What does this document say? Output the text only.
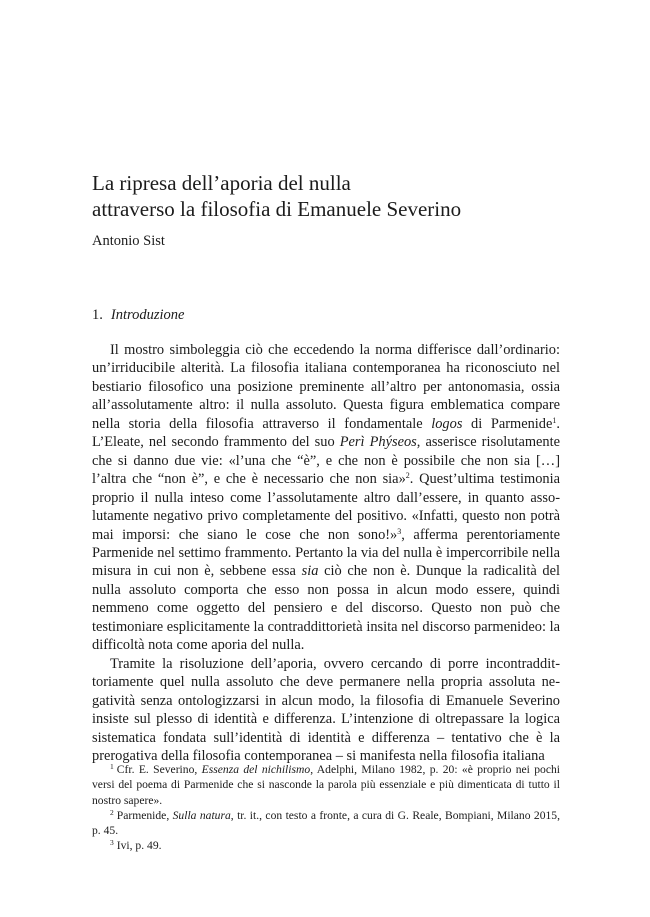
La ripresa dell’aporia del nulla
attraverso la filosofia di Emanuele Severino
Antonio Sist
1. Introduzione

Il mostro simboleggia ciò che eccedendo la norma differisce dall’ordinario: un’irriducibile alterità. La filosofia italiana contemporanea ha riconosciuto nel bestiario filosofico una posizione preminente all’altro per antonomasia, ossia all’assolutamente altro: il nulla assoluto. Questa figura emblematica compare nella storia della filosofia attraverso il fondamentale logos di Parmenide$^1$. L’Eleate, nel secondo frammento del suo Perì Phýseos, asserisce risolutamente che si danno due vie: «l’una che “è”, e che non è possibile che non sia […] l’altra che “non è”, e che è necessario che non sia»$^2$. Quest’ultima testimonia proprio il nulla inteso come l’assolutamente altro dall’essere, in quanto assolutamente negativo privo completamente del positivo. «Infatti, questo non potrà mai imporsi: che siano le cose che non sono!»$^3$, afferma perentoriamente Parmenide nel settimo frammento. Pertanto la via del nulla è impercorribile nella misura in cui non è, sebbene essa sia ciò che non è. Dunque la radicalità del nulla assoluto comporta che esso non possa in alcun modo essere, quindi nemmeno come oggetto del pensiero e del discorso. Questo non può che testimoniare esplicitamente la contraddittorietà insita nel discorso parmenideo: la difficoltà nota come aporia del nulla.

Tramite la risoluzione dell’aporia, ovvero cercando di porre incontraddittoriamente quel nulla assoluto che deve permanere nella propria assoluta negatività senza ontologizzarsi in alcun modo, la filosofia di Emanuele Severino insiste sul plesso di identità e differenza. L’intenzione di oltrepassare la logica sistematica fondata sull’identità di identità e differenza – tentativo che è la prerogativa della filosofia contemporanea – si manifesta nella filosofia italiana

$^1$ Cfr. E. Severino, Essenza del nichilismo, Adelphi, Milano 1982, p. 20: «è proprio nei pochi versi del poema di Parmenide che si nasconde la parola più essenziale e più dimenticata di tutto il nostro sapere».

$^2$ Parmenide, Sulla natura, tr. it., con testo a fronte, a cura di G. Reale, Bompiani, Milano 2015, p. 45.

$^3$ Ivi, p. 49.
